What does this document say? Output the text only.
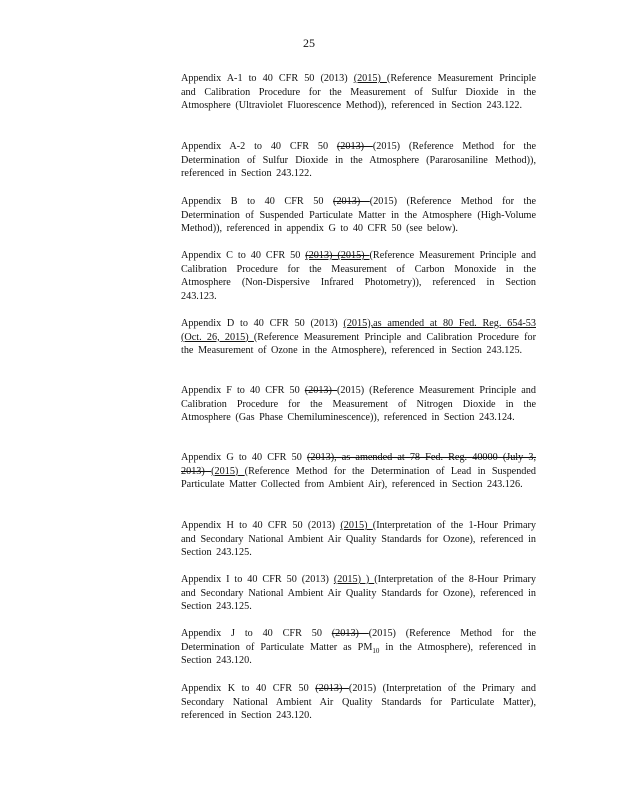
25
Appendix A-1 to 40 CFR 50 (2013) (2015) (Reference Measurement Principle and Calibration Procedure for the Measurement of Sulfur Dioxide in the Atmosphere (Ultraviolet Fluorescence Method)), referenced in Section 243.122.
Appendix A-2 to 40 CFR 50 (2013) (2015) (Reference Method for the Determination of Sulfur Dioxide in the Atmosphere (Pararosaniline Method)), referenced in Section 243.122.
Appendix B to 40 CFR 50 (2013) (2015) (Reference Method for the Determination of Suspended Particulate Matter in the Atmosphere (High-Volume Method)), referenced in appendix G to 40 CFR 50 (see below).
Appendix C to 40 CFR 50 (2013) (2015) (Reference Measurement Principle and Calibration Procedure for the Measurement of Carbon Monoxide in the Atmosphere (Non-Dispersive Infrared Photometry)), referenced in Section 243.123.
Appendix D to 40 CFR 50 (2013) (2015),as amended at 80 Fed. Reg. 654-53 (Oct. 26, 2015) (Reference Measurement Principle and Calibration Procedure for the Measurement of Ozone in the Atmosphere), referenced in Section 243.125.
Appendix F to 40 CFR 50 (2013) (2015) (Reference Measurement Principle and Calibration Procedure for the Measurement of Nitrogen Dioxide in the Atmosphere (Gas Phase Chemiluminescence)), referenced in Section 243.124.
Appendix G to 40 CFR 50 (2013), as amended at 78 Fed. Reg. 40000 (July 3, 2013) (2015) (Reference Method for the Determination of Lead in Suspended Particulate Matter Collected from Ambient Air), referenced in Section 243.126.
Appendix H to 40 CFR 50 (2013) (2015) (Interpretation of the 1-Hour Primary and Secondary National Ambient Air Quality Standards for Ozone), referenced in Section 243.125.
Appendix I to 40 CFR 50 (2013) (2015) ) (Interpretation of the 8-Hour Primary and Secondary National Ambient Air Quality Standards for Ozone), referenced in Section 243.125.
Appendix J to 40 CFR 50 (2013) (2015) (Reference Method for the Determination of Particulate Matter as $PM_{10}$ in the Atmosphere), referenced in Section 243.120.
Appendix K to 40 CFR 50 (2013) (2015) (Interpretation of the Primary and Secondary National Ambient Air Quality Standards for Particulate Matter), referenced in Section 243.120.
